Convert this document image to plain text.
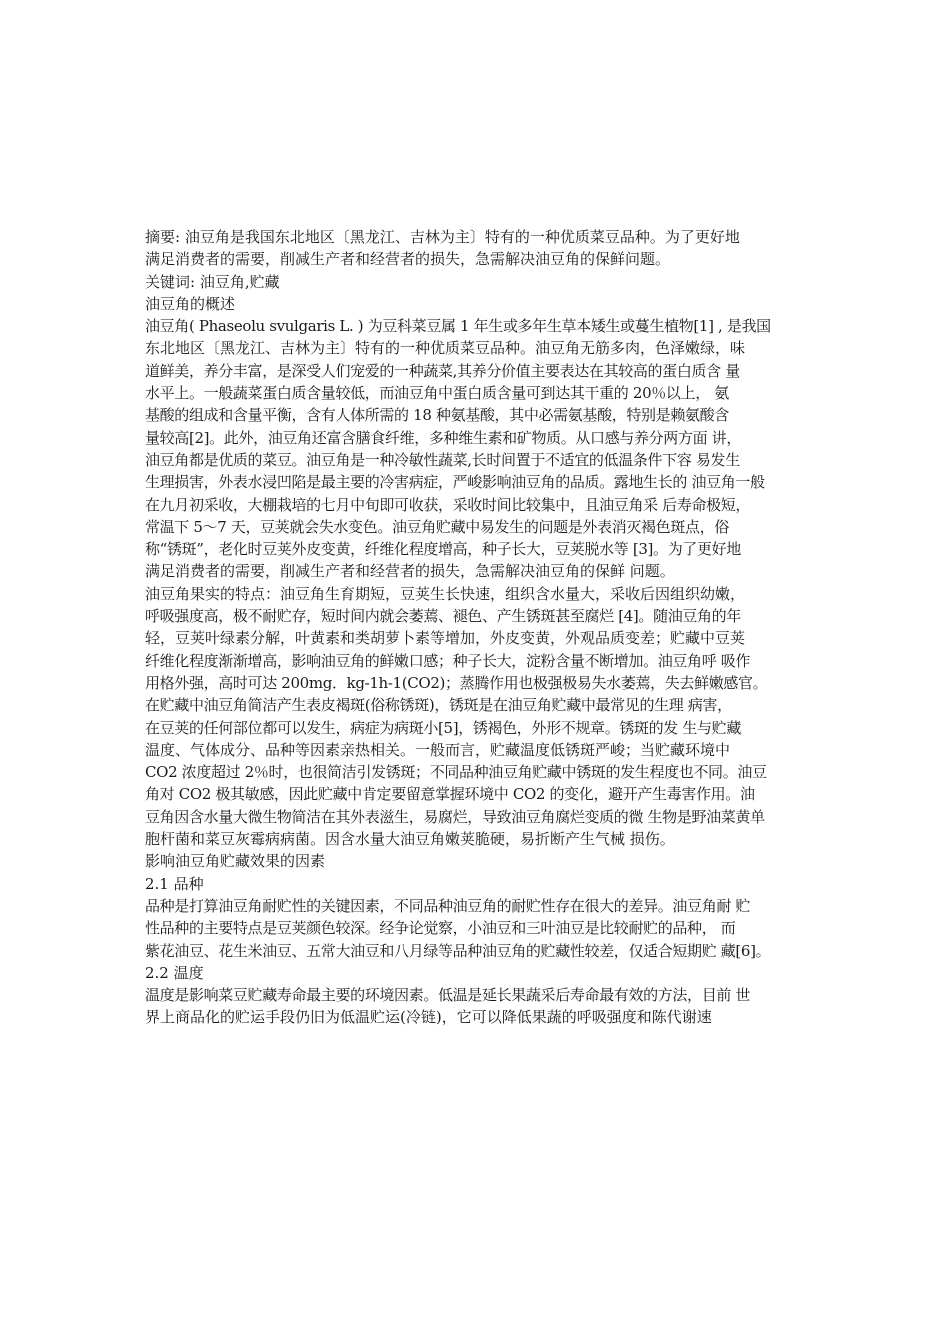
摘要: 油豆角是我国东北地区〔黑龙江、吉林为主〕特有的一种优质菜豆品种。为了更好地
满足消费者的需要，削减生产者和经营者的损失，急需解决油豆角的保鲜问题。
关键词: 油豆角,贮藏
油豆角的概述
油豆角( Phaseolu svulgaris L. ) 为豆科菜豆属 1 年生或多年生草本矮生或蔓生植物[1] , 是我国
东北地区〔黑龙江、吉林为主〕特有的一种优质菜豆品种。油豆角无筋多肉，色泽嫩绿，味
道鲜美，养分丰富，是深受人们宠爱的一种蔬菜,其养分价值主要表达在其较高的蛋白质含 量
水平上。一般蔬菜蛋白质含量较低，而油豆角中蛋白质含量可到达其干重的 20％以上， 氨
基酸的组成和含量平衡，含有人体所需的 18 种氨基酸，其中必需氨基酸，特别是赖氨酸含
量较高[2]。此外，油豆角还富含膳食纤维，多种维生素和矿物质。从口感与养分两方面 讲，
油豆角都是优质的菜豆。油豆角是一种冷敏性蔬菜,长时间置于不适宜的低温条件下容 易发生
生理损害，外表水浸凹陷是最主要的冷害病症，严峻影响油豆角的品质。露地生长的 油豆角一般
在九月初采收，大棚栽培的七月中旬即可收获，采收时间比较集中，且油豆角采 后寿命极短，
常温下 5～7 天，豆荚就会失水变色。油豆角贮藏中易发生的问题是外表消灭褐色斑点，俗
称“锈斑”，老化时豆荚外皮变黄，纤维化程度增高，种子长大，豆荚脱水等 [3]。为了更好地
满足消费者的需要，削减生产者和经营者的损失，急需解决油豆角的保鲜 问题。
油豆角果实的特点：油豆角生育期短，豆荚生长快速，组织含水量大，采收后因组织幼嫩，
呼吸强度高，极不耐贮存，短时间内就会萎蔫、褪色、产生锈斑甚至腐烂 [4]。随油豆角的年
轻，豆荚叶绿素分解，叶黄素和类胡萝卜素等增加，外皮变黄，外观品质变差；贮藏中豆荚
纤维化程度渐渐增高，影响油豆角的鲜嫩口感；种子长大，淀粉含量不断增加。油豆角呼 吸作
用格外强，高时可达 200mg．kg-1h-1(CO2)；蒸腾作用也极强极易失水萎蔫，失去鲜嫩感官。
在贮藏中油豆角简洁产生表皮褐斑(俗称锈斑)，锈斑是在油豆角贮藏中最常见的生理 病害，
在豆荚的任何部位都可以发生，病症为病斑小[5]，锈褐色，外形不规章。锈斑的发 生与贮藏
温度、气体成分、品种等因素亲热相关。一般而言，贮藏温度低锈斑严峻；当贮藏环境中
CO2 浓度超过 2％时，也很简洁引发锈斑；不同品种油豆角贮藏中锈斑的发生程度也不同。油豆
角对 CO2 极其敏感，因此贮藏中肯定要留意掌握环境中 CO2 的变化，避开产生毒害作用。油
豆角因含水量大微生物简洁在其外表滋生，易腐烂，导致油豆角腐烂变质的微 生物是野油菜黄单
胞杆菌和菜豆灰霉病病菌。因含水量大油豆角嫩荚脆硬，易折断产生气械 损伤。
影响油豆角贮藏效果的因素
2.1 品种
品种是打算油豆角耐贮性的关键因素，不同品种油豆角的耐贮性存在很大的差异。油豆角耐 贮
性品种的主要特点是豆荚颜色较深。经争论觉察，小油豆和三叶油豆是比较耐贮的品种， 而
紫花油豆、花生米油豆、五常大油豆和八月绿等品种油豆角的贮藏性较差，仅适合短期贮 藏[6]。
2.2 温度
温度是影响菜豆贮藏寿命最主要的环境因素。低温是延长果蔬采后寿命最有效的方法，目前 世
界上商品化的贮运手段仍旧为低温贮运(冷链)，它可以降低果蔬的呼吸强度和陈代谢速
